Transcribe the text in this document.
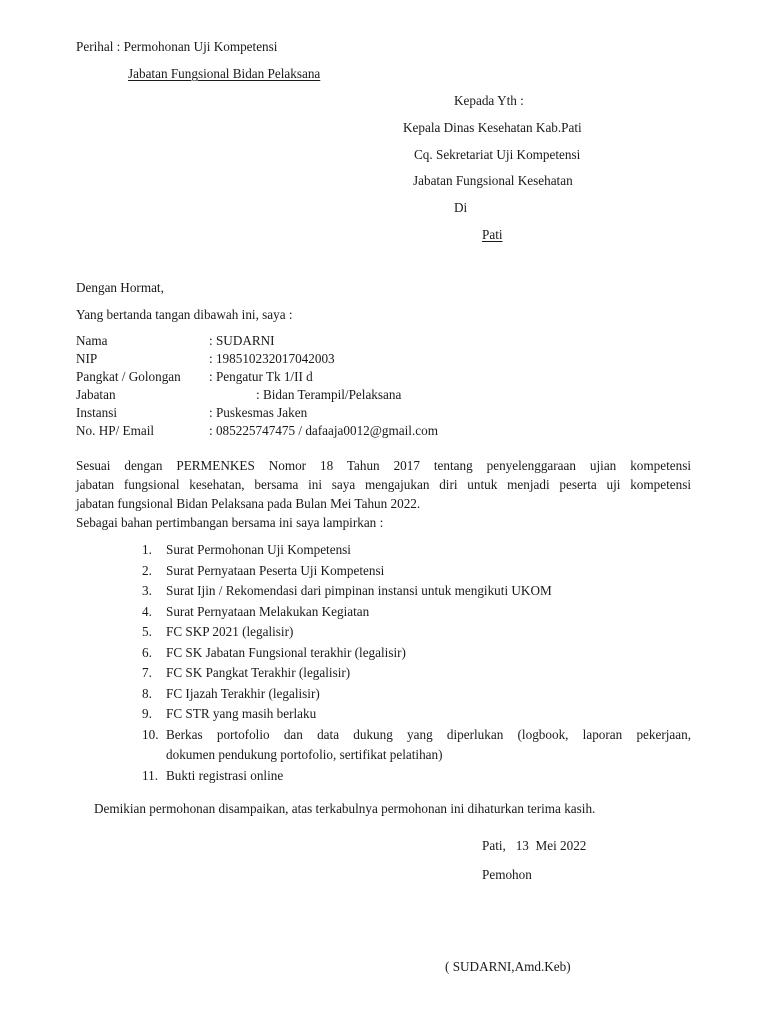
Perihal : Permohonan Uji Kompetensi
Jabatan Fungsional Bidan Pelaksana
Kepada Yth :
Kepala Dinas Kesehatan Kab.Pati
Cq. Sekretariat Uji Kompetensi
Jabatan Fungsional Kesehatan
Di
Pati
Dengan Hormat,
Yang bertanda tangan dibawah ini, saya :
Nama	: SUDARNI
NIP	: 198510232017042003
Pangkat / Golongan : Pengatur Tk 1/II d
Jabatan	: Bidan Terampil/Pelaksana
Instansi	: Puskesmas Jaken
No. HP/ Email	: 085225747475 / dafaaja0012@gmail.com
Sesuai dengan PERMENKES Nomor 18 Tahun 2017 tentang penyelenggaraan ujian kompetensi
jabatan fungsional kesehatan, bersama ini saya mengajukan diri untuk menjadi peserta uji kompetensi
jabatan fungsional Bidan Pelaksana pada Bulan Mei Tahun 2022.
Sebagai bahan pertimbangan bersama ini saya lampirkan :
1. Surat Permohonan Uji Kompetensi
2. Surat Pernyataan Peserta Uji Kompetensi
3. Surat Ijin / Rekomendasi dari pimpinan instansi untuk mengikuti UKOM
4. Surat Pernyataan Melakukan Kegiatan
5. FC SKP 2021 (legalisir)
6. FC SK Jabatan Fungsional terakhir (legalisir)
7. FC SK Pangkat Terakhir (legalisir)
8. FC Ijazah Terakhir (legalisir)
9. FC STR yang masih berlaku
10. Berkas portofolio dan data dukung yang diperlukan (logbook, laporan pekerjaan,
dokumen pendukung portofolio, sertifikat pelatihan)
11. Bukti registrasi online
Demikian permohonan disampaikan, atas terkabulnya permohonan ini dihaturkan terima kasih.
Pati,   13  Mei 2022
Pemohon
( SUDARNI,Amd.Keb)
